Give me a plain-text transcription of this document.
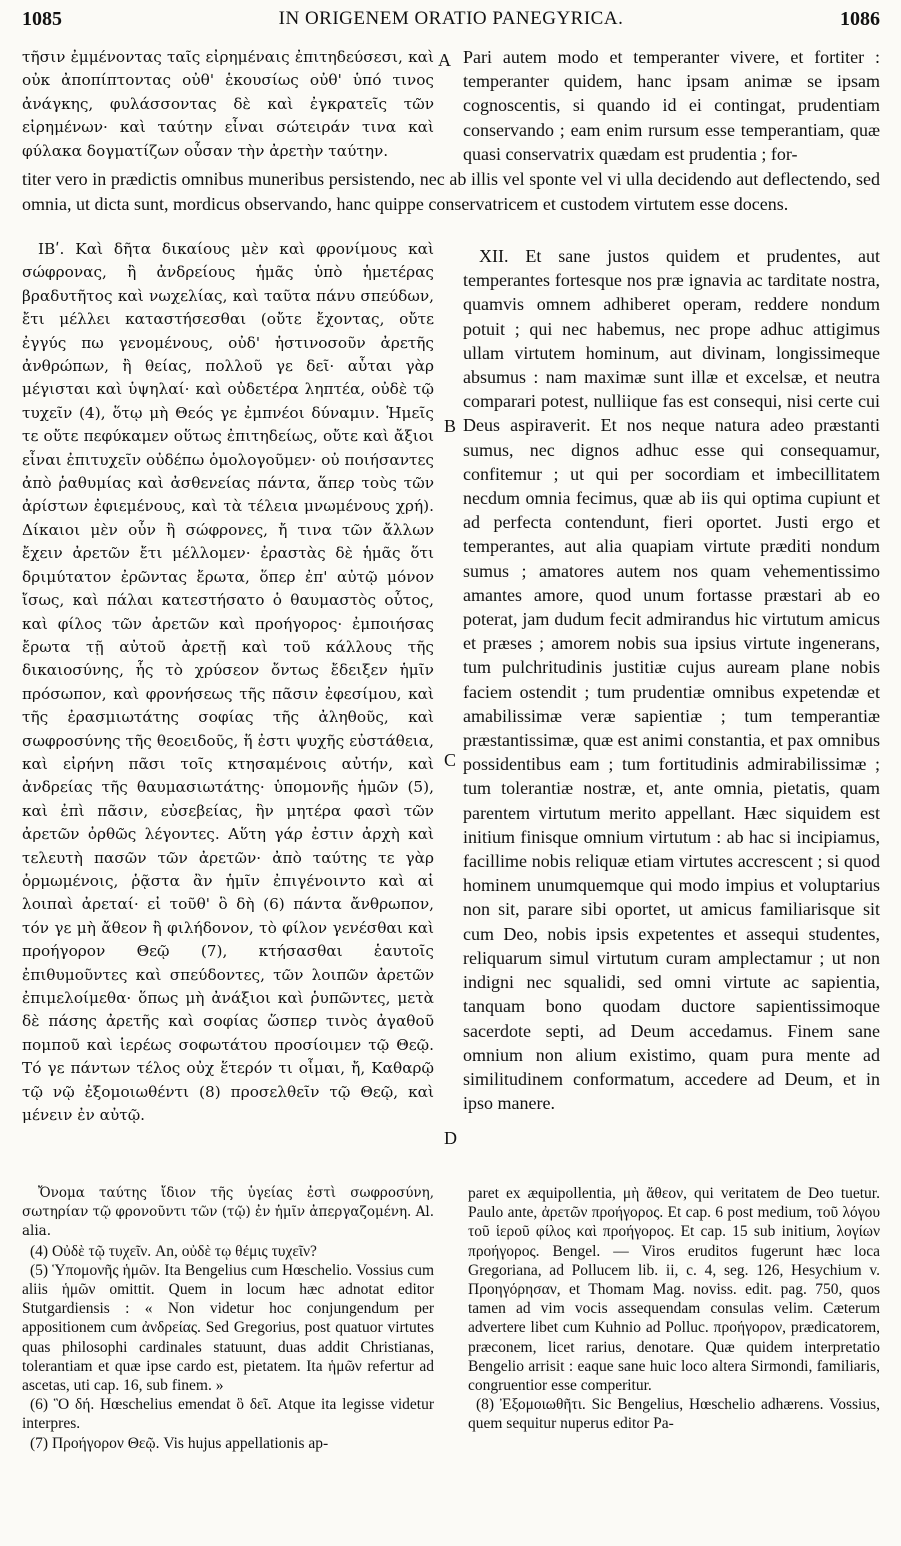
1085	IN ORIGENEM ORATIO PANEGYRICA.	1086

τῆσιν ἐμμένοντας ταῖς εἰρημέναις ἐπιτηδεύσεσι, καὶ οὐκ ἀποπίπτοντας οὐθ' ἑκουσίως οὐθ' ὑπό τινος ἀνάγκης, φυλάσσοντας δὲ καὶ ἐγκρατεῖς τῶν εἰρημένων· καὶ ταύτην εἶναι σώτειράν τινα καὶ φύλακα δογματίζων οὖσαν τὴν ἀρετὴν ταύτην.

A Pari autem modo et temperanter vivere, et fortiter : temperanter quidem, hanc ipsam animæ se ipsam cognoscentis, si quando id ei contingat, prudentiam conservando ; eam enim rursum esse temperantiam, quæ quasi conservatrix quædam est prudentia ; for-

titer vero in prædictis omnibus muneribus persistendo, nec ab illis vel sponte vel vi ulla decidendo aut deflectendo, sed omnia, ut dicta sunt, mordicus observando, hanc quippe conservatricem et custodem virtutem esse docens.

ΙΒʹ. Καὶ δῆτα δικαίους μὲν καὶ φρονίμους καὶ σώφρονας, ἢ ἀνδρείους ἡμᾶς ὑπὸ ἡμετέρας βραδυτῆτος καὶ νωχελίας, καὶ ταῦτα πάνυ σπεύδων, ἔτι μέλλει καταστήσεσθαι (οὔτε ἔχοντας, οὔτε ἐγγύς πω γενομένους, οὐδ' ἡστινοσοῦν ἀρετῆς ἀνθρώπων, ἢ θείας, πολλοῦ γε δεῖ· αὗται γὰρ μέγισται καὶ ὑψηλαί· καὶ οὐδετέρα ληπτέα, οὐδὲ τῷ τυχεῖν (4), ὅτῳ μὴ Θεός γε ἐμπνέοι δύναμιν. Ἡμεῖς τε οὔτε πεφύκαμεν οὕτως ἐπιτηδείως, οὔτε καὶ ἄξιοι εἶναι ἐπιτυχεῖν οὐδέπω ὁμολογοῦμεν· οὐ ποιήσαντες ἀπὸ ῥαθυμίας καὶ ἀσθενείας πάντα, ἅπερ τοὺς τῶν ἀρίστων ἐφιεμένους, καὶ τὰ τέλεια μνωμένους χρή). Δίκαιοι μὲν οὖν ἢ σώφρονες, ἤ τινα τῶν ἄλλων ἔχειν ἀρετῶν ἔτι μέλλομεν· ἐραστὰς δὲ ἡμᾶς ὅτι δριμύτατον ἐρῶντας ἔρωτα, ὅπερ ἐπ' αὐτῷ μόνον ἴσως, καὶ πάλαι κατεστήσατο ὁ θαυμαστὸς οὗτος, καὶ φίλος τῶν ἀρετῶν καὶ προήγορος· ἐμποιήσας ἔρωτα τῇ αὐτοῦ ἀρετῇ καὶ τοῦ κάλλους τῆς δικαιοσύνης, ἧς τὸ χρύσεον ὄντως ἔδειξεν ἡμῖν πρόσωπον, καὶ φρονήσεως τῆς πᾶσιν ἐφεσίμου, καὶ τῆς ἐρασμιωτάτης σοφίας τῆς ἀληθοῦς, καὶ σωφροσύνης τῆς θεοειδοῦς, ἥ ἐστι ψυχῆς εὐστάθεια, καὶ εἰρήνη πᾶσι τοῖς κτησαμένοις αὐτήν, καὶ ἀνδρείας τῆς θαυμασιωτάτης· ὑπομονῆς ἡμῶν (5), καὶ ἐπὶ πᾶσιν, εὐσεβείας, ἣν μητέρα φασὶ τῶν ἀρετῶν ὀρθῶς λέγοντες. Αὕτη γάρ ἐστιν ἀρχὴ καὶ τελευτὴ πασῶν τῶν ἀρετῶν· ἀπὸ ταύτης τε γὰρ ὁρμωμένοις, ῥᾷστα ἂν ἡμῖν ἐπιγένοιντο καὶ αἱ λοιπαὶ ἀρεταί· εἰ τοῦθ' ὃ δὴ (6) πάντα ἄνθρωπον, τόν γε μὴ ἄθεον ἢ φιλήδονον, τὸ φίλον γενέσθαι καὶ προήγορον Θεῷ (7), κτήσασθαι ἑαυτοῖς ἐπιθυμοῦντες καὶ σπεύδοντες, τῶν λοιπῶν ἀρετῶν ἐπιμελοίμεθα· ὅπως μὴ ἀνάξιοι καὶ ῥυπῶντες, μετὰ δὲ πάσης ἀρετῆς καὶ σοφίας ὥσπερ τινὸς ἀγαθοῦ πομποῦ καὶ ἱερέως σοφωτάτου προσίοιμεν τῷ Θεῷ. Τό γε πάντων τέλος οὐχ ἕτερόν τι οἶμαι, ἤ, Καθαρῷ τῷ νῷ ἐξομοιωθέντι (8) προσελθεῖν τῷ Θεῷ, καὶ μένειν ἐν αὐτῷ.

B
C
D

XII. Et sane justos quidem et prudentes, aut temperantes fortesque nos præ ignavia ac tarditate nostra, quamvis omnem adhiberet operam, reddere nondum potuit ; qui nec habemus, nec prope adhuc attigimus ullam virtutem hominum, aut divinam, longissimeque absumus : nam maximæ sunt illæ et excelsæ, et neutra comparari potest, nulliique fas est consequi, nisi certe cui Deus aspiraverit. Et nos neque natura adeo præstanti sumus, nec dignos adhuc esse qui consequamur, confitemur ; ut qui per socordiam et imbecillitatem necdum omnia fecimus, quæ ab iis qui optima cupiunt et ad perfecta contendunt, fieri oportet. Justi ergo et temperantes, aut alia quapiam virtute præditi nondum sumus ; amatores autem nos quam vehementissimo amantes amore, quod unum fortasse præstari ab eo poterat, jam dudum fecit admirandus hic virtutum amicus et præses ; amorem nobis sua ipsius virtute ingenerans, tum pulchritudinis justitiæ cujus auream plane nobis faciem ostendit ; tum prudentiæ omnibus expetendæ et amabilissimæ veræ sapientiæ ; tum temperantiæ præstantissimæ, quæ est animi constantia, et pax omnibus possidentibus eam ; tum fortitudinis admirabilissimæ ; tum tolerantiæ nostræ, et, ante omnia, pietatis, quam parentem virtutum merito appellant. Hæc siquidem est initium finisque omnium virtutum : ab hac si incipiamus, facillime nobis reliquæ etiam virtutes accrescent ; si quod hominem unumquemque qui modo impius et voluptarius non sit, parare sibi oportet, ut amicus familiarisque sit cum Deo, nobis ipsis expetentes et assequi studentes, reliquarum simul virtutum curam amplectamur ; ut non indigni nec squalidi, sed omni virtute ac sapientia, tanquam bono quodam ductore sapientissimoque sacerdote septi, ad Deum accedamus. Finem sane omnium non alium existimo, quam pura mente ad similitudinem conformatum, accedere ad Deum, et in ipso manere.

Ὄνομα ταύτης ἴδιον τῆς ὑγείας ἐστὶ σωφροσύνη, σωτηρίαν τῷ φρονοῦντι τῶν (τῷ) ἐν ἡμῖν ἀπεργαζομένη. Al. alia.
(4) Οὐδὲ τῷ τυχεῖν. An, οὐδὲ τῳ θέμις τυχεῖν?
(5) Ὑπομονῆς ἡμῶν. Ita Bengelius cum Hœschelio. Vossius cum aliis ἡμῶν omittit. Quem in locum hæc adnotat editor Stutgardiensis : « Non videtur hoc conjungendum per appositionem cum ἀνδρείας. Sed Gregorius, post quatuor virtutes quas philosophi cardinales statuunt, duas addit Christianas, tolerantiam et quæ ipse cardo est, pietatem. Ita ἡμῶν refertur ad ascetas, uti cap. 16, sub finem. »
(6) Ὃ δή. Hœschelius emendat ὃ δεῖ. Atque ita legisse videtur interpres.
(7) Προήγορον Θεῷ. Vis hujus appellationis ap-
paret ex æquipollentia, μὴ ἄθεον, qui veritatem de Deo tuetur. Paulo ante, ἀρετῶν προήγορος. Et cap. 6 post medium, τοῦ λόγου τοῦ ἱεροῦ φίλος καὶ προήγορος. Et cap. 15 sub initium, λογίων προήγορος. Bengel. — Viros eruditos fugerunt hæc loca Gregoriana, ad Pollucem lib. ii, c. 4, seg. 126, Hesychium v. Προηγόρησαν, et Thomam Mag. noviss. edit. pag. 750, quos tamen ad vim vocis assequendam consulas velim. Cæterum advertere libet cum Kuhnio ad Polluc. προήγορον, prædicatorem, præconem, licet rarius, denotare. Quæ quidem interpretatio Bengelio arrisit : eaque sane huic loco altera Sirmondi, familiaris, congruentior esse comperitur.
(8) Ἐξομοιωθῆτι. Sic Bengelius, Hœschelio adhærens. Vossius, quem sequitur nuperus editor Pa-
